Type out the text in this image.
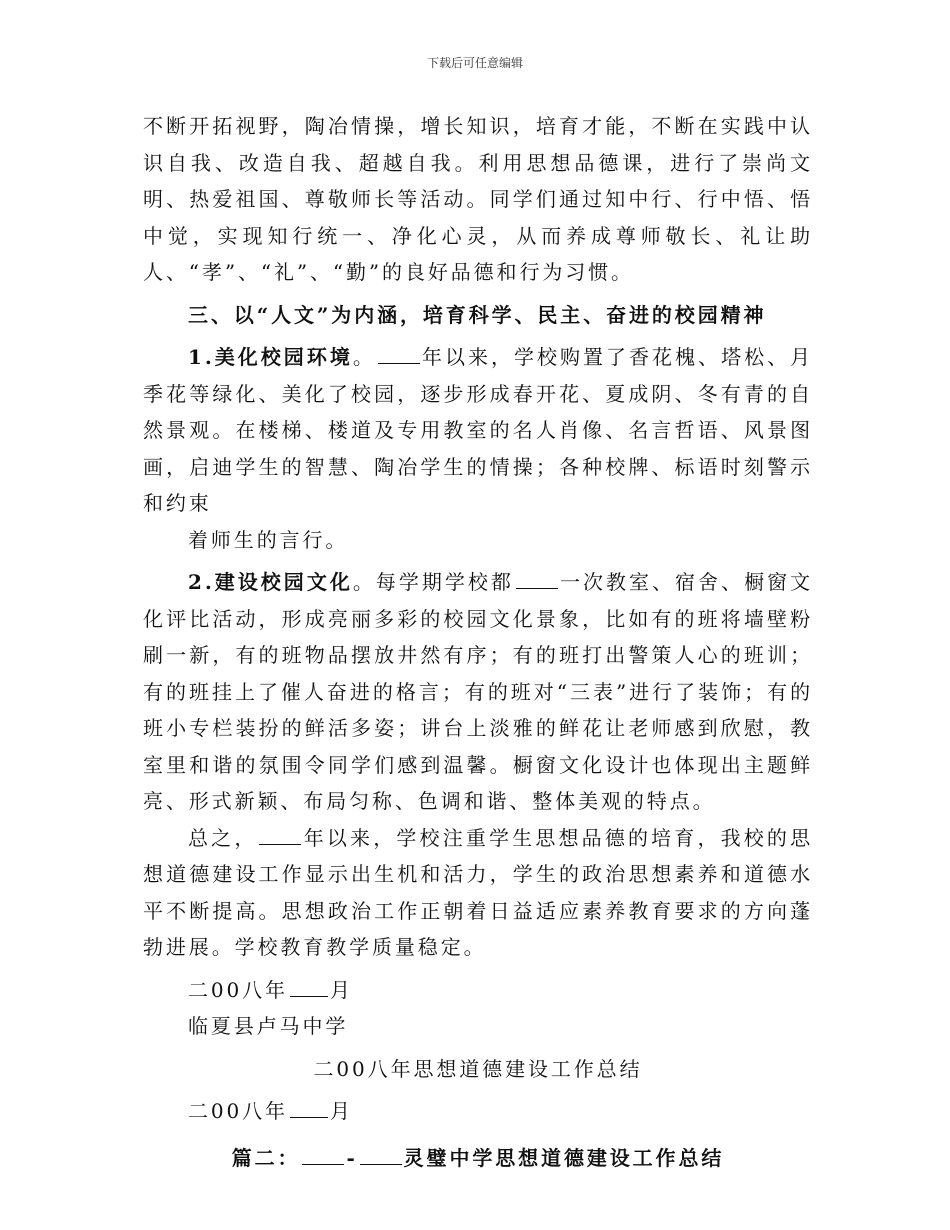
下载后可任意编辑

不断开拓视野，陶冶情操，增长知识，培育才能，不断在实践中认识自我、改造自我、超越自我。利用思想品德课，进行了崇尚文明、热爱祖国、尊敬师长等活动。同学们通过知中行、行中悟、悟中觉，实现知行统一、净化心灵，从而养成尊师敬长、礼让助人、“孝”、“礼”、“勤”的良好品德和行为习惯。

三、以“人文”为内涵，培育科学、民主、奋进的校园精神

1.美化校园环境。 年以来，学校购置了香花槐、塔松、月季花等绿化、美化了校园，逐步形成春开花、夏成阴、冬有青的自然景观。在楼梯、楼道及专用教室的名人肖像、名言哲语、风景图画，启迪学生的智慧、陶冶学生的情操；各种校牌、标语时刻警示和约束

着师生的言行。

2.建设校园文化。每学期学校都 一次教室、宿舍、橱窗文化评比活动，形成亮丽多彩的校园文化景象，比如有的班将墙壁粉刷一新，有的班物品摆放井然有序；有的班打出警策人心的班训；有的班挂上了催人奋进的格言；有的班对“三表”进行了装饰；有的班小专栏装扮的鲜活多姿；讲台上淡雅的鲜花让老师感到欣慰，教室里和谐的氛围令同学们感到温馨。橱窗文化设计也体现出主题鲜亮、形式新颖、布局匀称、色调和谐、整体美观的特点。

总之， 年以来，学校注重学生思想品德的培育，我校的思想道德建设工作显示出生机和活力，学生的政治思想素养和道德水平不断提高。思想政治工作正朝着日益适应素养教育要求的方向蓬勃进展。学校教育教学质量稳定。

二00八年 月

临夏县卢马中学

二00八年思想道德建设工作总结

二00八年 月

篇二： - 灵璧中学思想道德建设工作总结
